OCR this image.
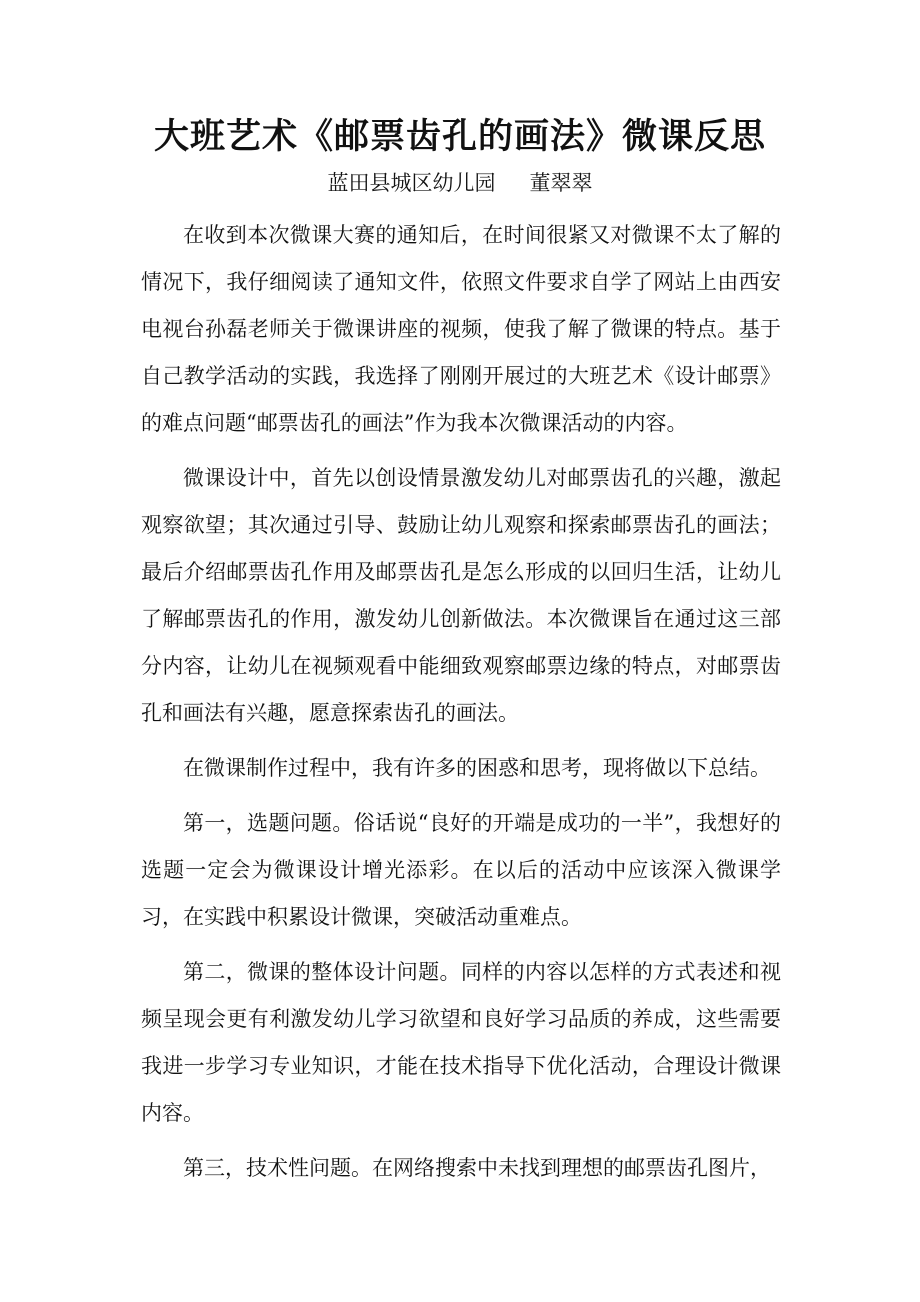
大班艺术《邮票齿孔的画法》微课反思
蓝田县城区幼儿园 董翠翠

在收到本次微课大赛的通知后，在时间很紧又对微课不太了解的情况下，我仔细阅读了通知文件，依照文件要求自学了网站上由西安电视台孙磊老师关于微课讲座的视频，使我了解了微课的特点。基于自己教学活动的实践，我选择了刚刚开展过的大班艺术《设计邮票》的难点问题“邮票齿孔的画法”作为我本次微课活动的内容。

微课设计中，首先以创设情景激发幼儿对邮票齿孔的兴趣，激起观察欲望；其次通过引导、鼓励让幼儿观察和探索邮票齿孔的画法；最后介绍邮票齿孔作用及邮票齿孔是怎么形成的以回归生活，让幼儿了解邮票齿孔的作用，激发幼儿创新做法。本次微课旨在通过这三部分内容，让幼儿在视频观看中能细致观察邮票边缘的特点，对邮票齿孔和画法有兴趣，愿意探索齿孔的画法。

在微课制作过程中，我有许多的困惑和思考，现将做以下总结。

第一，选题问题。俗话说“良好的开端是成功的一半”，我想好的选题一定会为微课设计增光添彩。在以后的活动中应该深入微课学习，在实践中积累设计微课，突破活动重难点。

第二，微课的整体设计问题。同样的内容以怎样的方式表述和视频呈现会更有利激发幼儿学习欲望和良好学习品质的养成，这些需要我进一步学习专业知识，才能在技术指导下优化活动，合理设计微课内容。

第三，技术性问题。在网络搜索中未找到理想的邮票齿孔图片，
